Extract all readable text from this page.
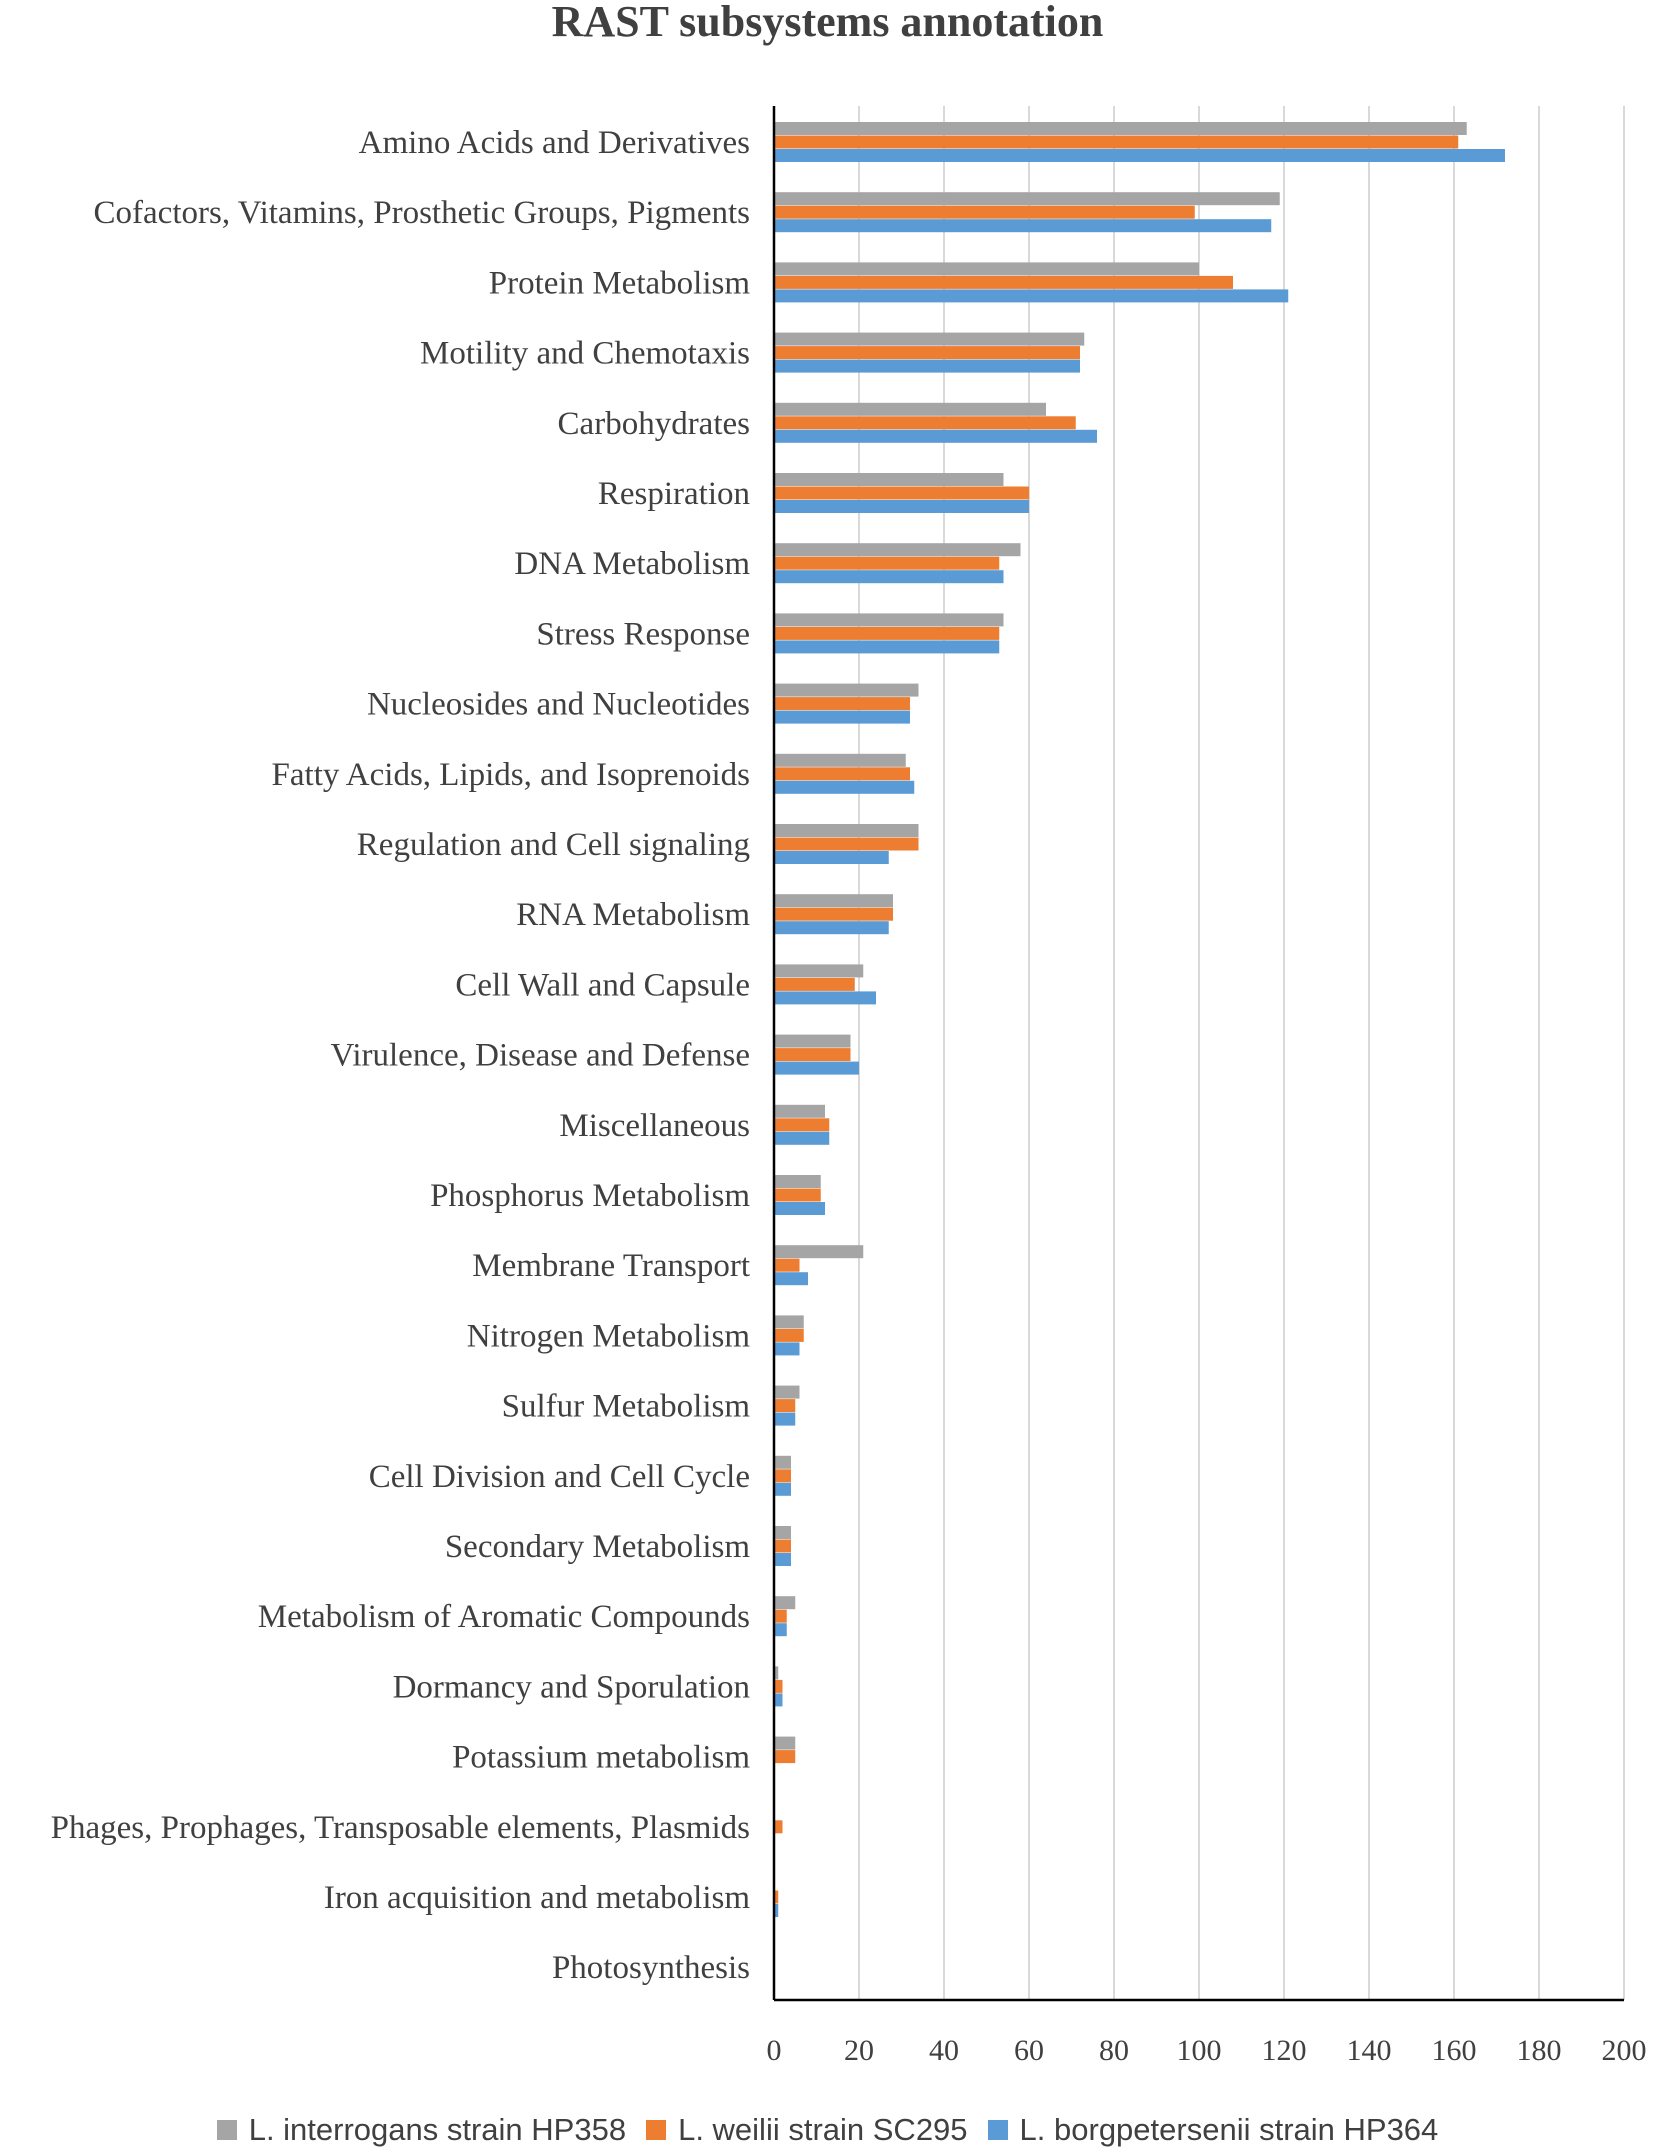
RAST subsystems annotation
Amino Acids and Derivatives
Cofactors, Vitamins, Prosthetic Groups, Pigments
Protein Metabolism
Motility and Chemotaxis
Carbohydrates
Respiration
DNA Metabolism
Stress Response
Nucleosides and Nucleotides
Fatty Acids, Lipids, and Isoprenoids
Regulation and Cell signaling
RNA Metabolism
Cell Wall and Capsule
Virulence, Disease and Defense
Miscellaneous
Phosphorus Metabolism
Membrane Transport
Nitrogen Metabolism
Sulfur Metabolism
Cell Division and Cell Cycle
Secondary Metabolism
Metabolism of Aromatic Compounds
Dormancy and Sporulation
Potassium metabolism
Phages, Prophages, Transposable elements, Plasmids
Iron acquisition and metabolism
Photosynthesis
0 20 40 60 80 100 120 140 160 180 200
L. interrogans strain HP358 L. weilii strain SC295 L. borgpetersenii strain HP364
